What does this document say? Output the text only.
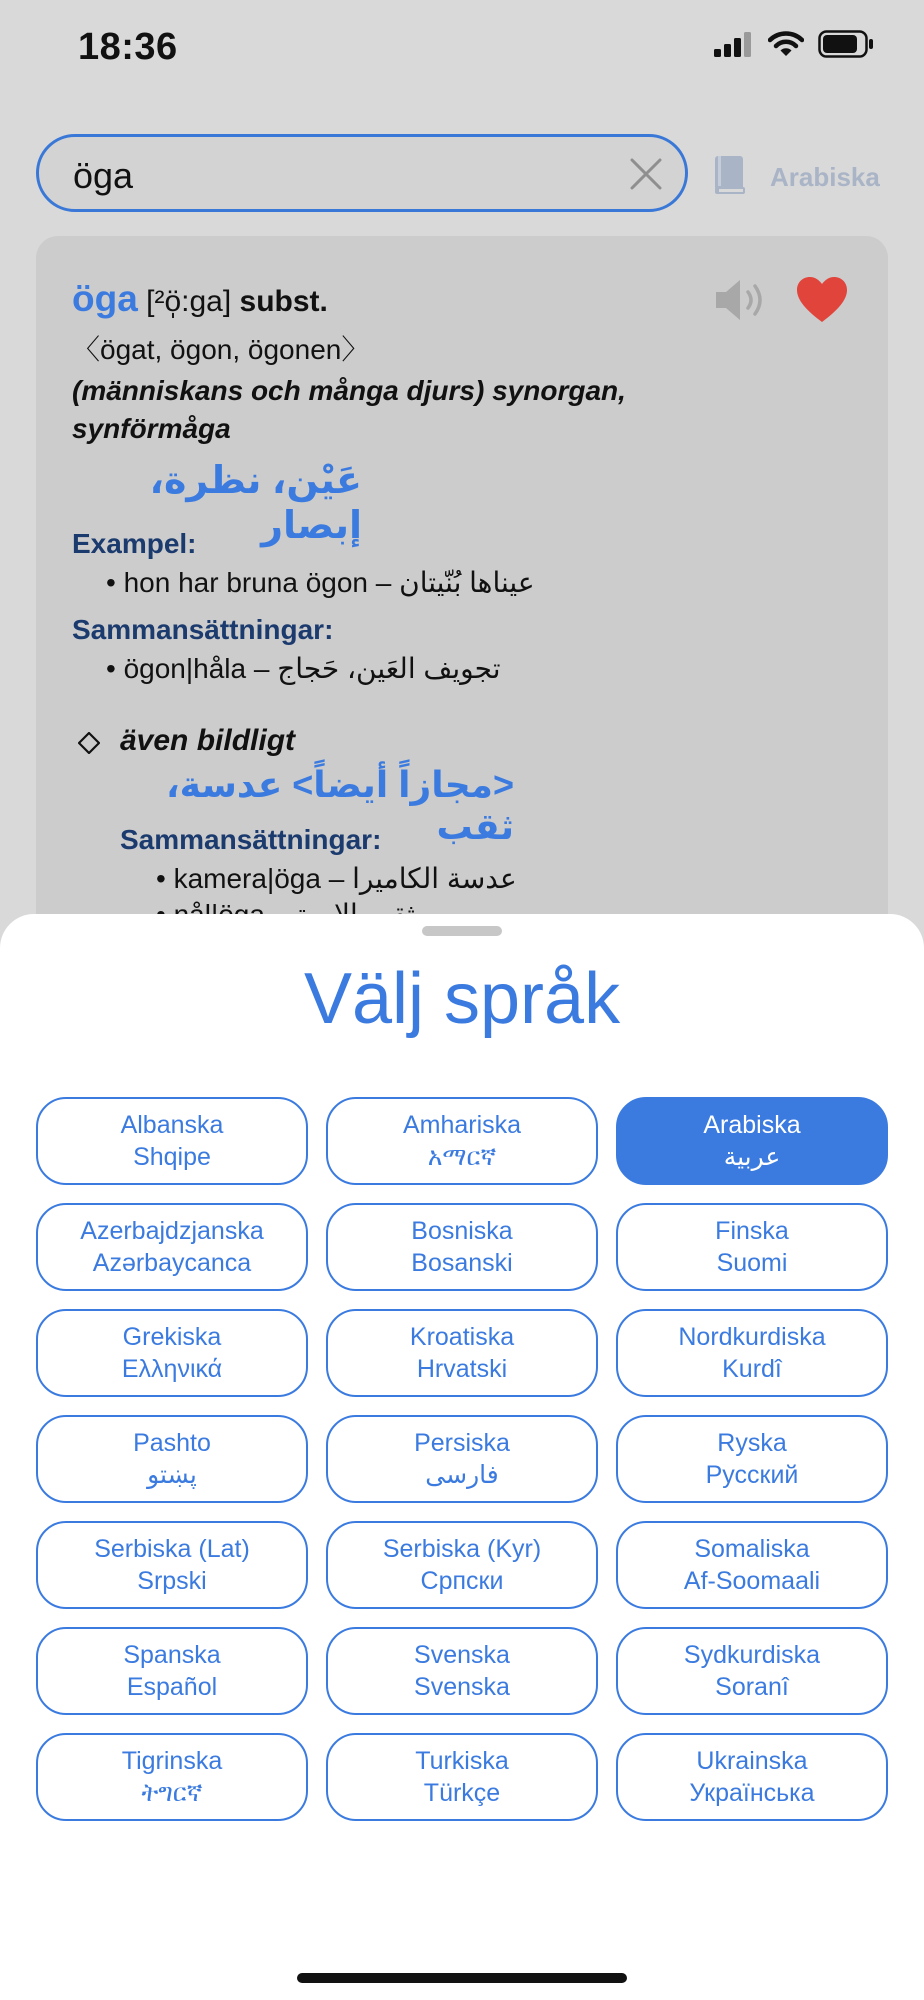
18:36
öga	Arabiska
öga [²ö̩:ga] subst.
〈ögat, ögon, ögonen〉
(människans och många djurs) synorgan, synförmåga
عَيْن، نظرة، إبصار
Exampel:
• hon har bruna ögon – عيناها بُنّيتان
Sammansättningar:
• ögon|håla – تجويف العَين، حَجاج
även bildligt
<مجازاً أيضاً> عدسة، ثقب
Sammansättningar:
• kamera|öga – عدسة الكاميرا
Välj språk
Albanska
Shqipe
Amhariska
አማርኛ
Arabiska
عربية
Azerbajdzjanska
Azərbaycanca
Bosniska
Bosanski
Finska
Suomi
Grekiska
Ελληνικά
Kroatiska
Hrvatski
Nordkurdiska
Kurdî
Pashto
پښتو
Persiska
فارسی
Ryska
Русский
Serbiska (Lat)
Srpski
Serbiska (Kyr)
Српски
Somaliska
Af-Soomaali
Spanska
Español
Svenska
Svenska
Sydkurdiska
Soranî
Tigrinska
ትግርኛ
Turkiska
Türkçe
Ukrainska
Українська
